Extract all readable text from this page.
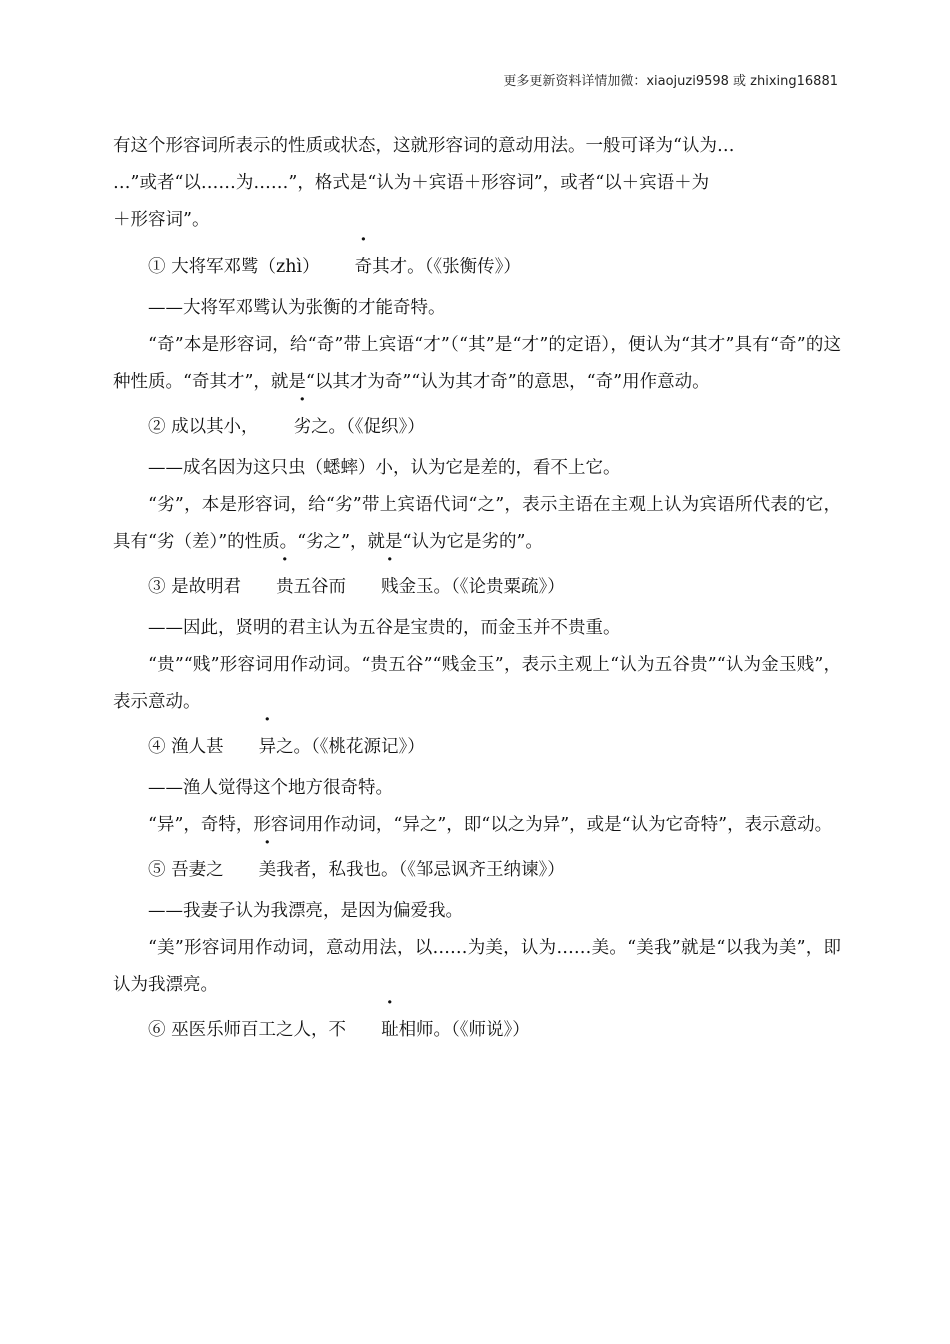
更多更新资料详情加微：xiaojuzi9598 或 zhixing16881
有这个形容词所表示的性质或状态，这就形容词的意动用法。一般可译为“认为…
…”或者“以……为……”，格式是“认为＋宾语＋形容词”，或者“以＋宾语＋为
＋形容词”。
① 大将军邓骘（zhì） 奇其才。（《张衡传》）
——大将军邓骘认为张衡的才能奇特。
“奇”本是形容词，给“奇”带上宾语“才”（“其”是“才”的定语），便认为“其才”具有“奇”的这种性质。“奇其才”，就是“以其才为奇”“认为其才奇”的意思，“奇”用作意动。
② 成以其小， 劣之。（《促织》）
——成名因为这只虫（蟋蟀）小，认为它是差的，看不上它。
“劣”，本是形容词，给“劣”带上宾语代词“之”，表示主语在主观上认为宾语所代表的它，具有“劣（差）”的性质。“劣之”，就是“认为它是劣的”。
③ 是故明君 贵五谷而 贱金玉。（《论贵粟疏》）
——因此，贤明的君主认为五谷是宝贵的，而金玉并不贵重。
“贵”“贱”形容词用作动词。“贵五谷”“贱金玉”，表示主观上“认为五谷贵”“认为金玉贱”，表示意动。
④ 渔人甚 异之。（《桃花源记》）
——渔人觉得这个地方很奇特。
“异”，奇特，形容词用作动词，“异之”，即“以之为异”，或是“认为它奇特”，表示意动。
⑤ 吾妻之 美我者，私我也。（《邹忌讽齐王纳谏》）
——我妻子认为我漂亮，是因为偏爱我。
“美”形容词用作动词，意动用法，以……为美，认为……美。“美我”就是“以我为美”，即认为我漂亮。
⑥ 巫医乐师百工之人，不 耻相师。（《师说》）
